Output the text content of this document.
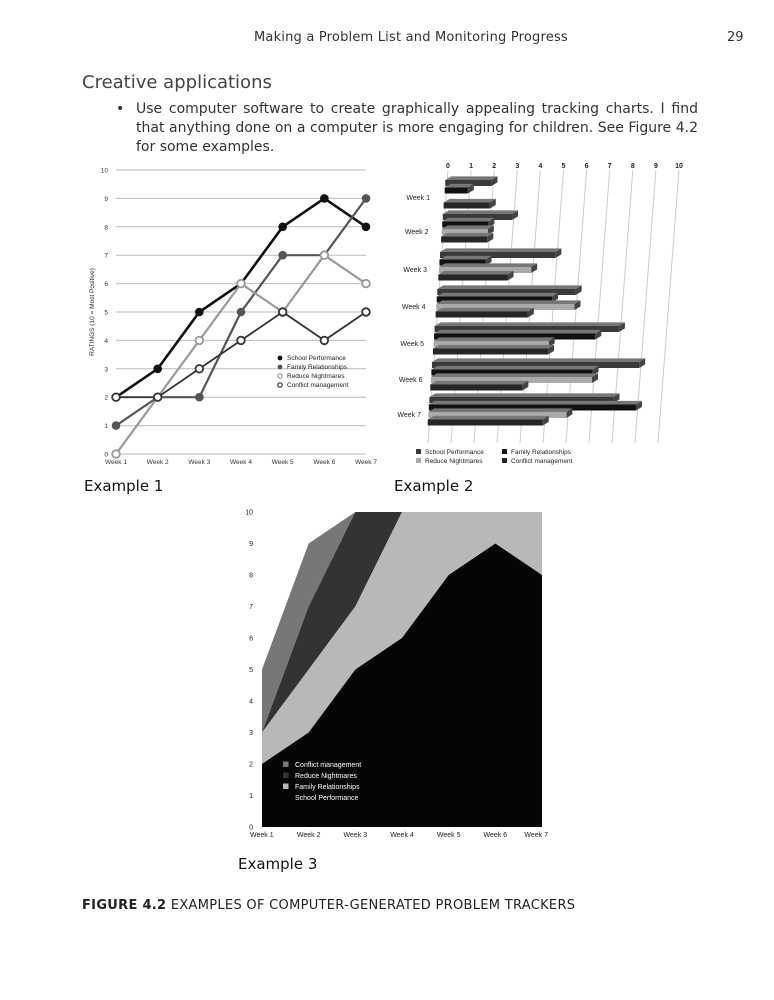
Making a Problem List and Monitoring Progress	29
Creative applications
• Use computer software to create graphically appealing tracking charts. I find that anything done on a computer is more engaging for children. See Figure 4.2 for some examples.
0
1
2
3
4
5
6
7
8
9
10
Week 1	Week 2	Week 3	Week 4	Week 5	Week 6	Week 7
RATINGS (10 = Most Positive)
School Performance
Family Relationships
Reduce Nightmares
Conflict management
Example 1
0	1	2	3	4	5	6	7	8	9 10
Week 1
Week 2
Week 3
Week 4
Week 5
Week 6
Week 7
School Performance	Family Relationships
Reduce Nightmares	Conflict management
Example 2
0
1
2
3
4
5
6
7
8
9
10
Week 1	Week 2	Week 3	Week 4	Week 5	Week 6 Week 7
Conflict management
Reduce Nightmares
Family Relationships
School Performance
Example 3
FIGURE 4.2 EXAMPLES OF COMPUTER-GENERATED PROBLEM TRACKERS
